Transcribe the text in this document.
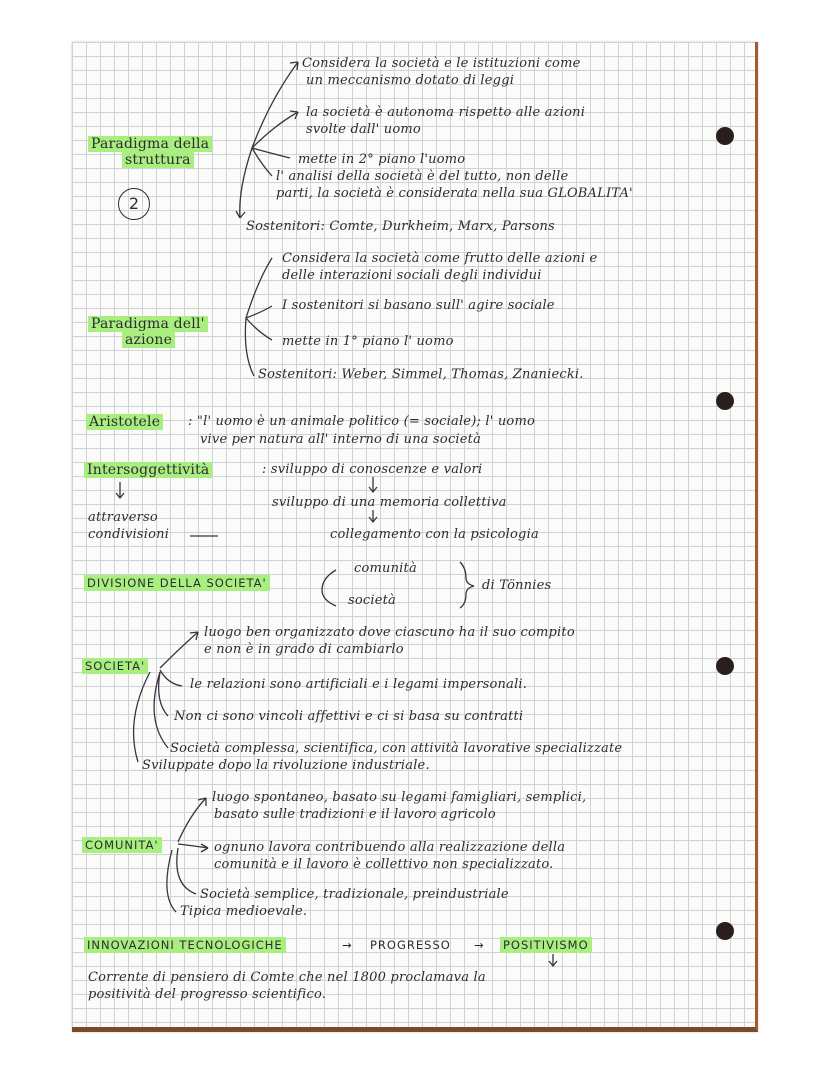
Paradigma della
struttura
2
Considera la società e le istituzioni come
un meccanismo dotato di leggi
la società è autonoma rispetto alle azioni
svolte dall' uomo
mette in 2° piano l'uomo
l' analisi della società è del tutto, non delle
parti, la società è considerata nella sua GLOBALITA'
Sostenitori: Comte, Durkheim, Marx, Parsons
Paradigma dell'
azione
Considera la società come frutto delle azioni e
delle interazioni sociali degli individui
I sostenitori si basano sull' agire sociale
mette in 1° piano l' uomo
Sostenitori: Weber, Simmel, Thomas, Znaniecki.
Aristotele : "l' uomo è un animale politico (= sociale); l' uomo
vive per natura all' interno di una società
Intersoggettività	: sviluppo di conoscenze e valori
sviluppo di una memoria collettiva
collegamento con la psicologia
attraverso
condivisioni
DIVISIONE DELLA SOCIETA'
comunità
società
di Tönnies
SOCIETA'
luogo ben organizzato dove ciascuno ha il suo compito
e non è in grado di cambiarlo
le relazioni sono artificiali e i legami impersonali.
Non ci sono vincoli affettivi e ci si basa su contratti
Società complessa, scientifica, con attività lavorative specializzate
Sviluppate dopo la rivoluzione industriale.
COMUNITA'
luogo spontaneo, basato su legami famigliari, semplici,
basato sulle tradizioni e il lavoro agricolo
ognuno lavora contribuendo alla realizzazione della
comunità e il lavoro è collettivo non specializzato.
Società semplice, tradizionale, preindustriale
Tipica medioevale.
INNOVAZIONI TECNOLOGICHE	→ PROGRESSO → POSITIVISMO
Corrente di pensiero di Comte che nel 1800 proclamava la
positività del progresso scientifico.
